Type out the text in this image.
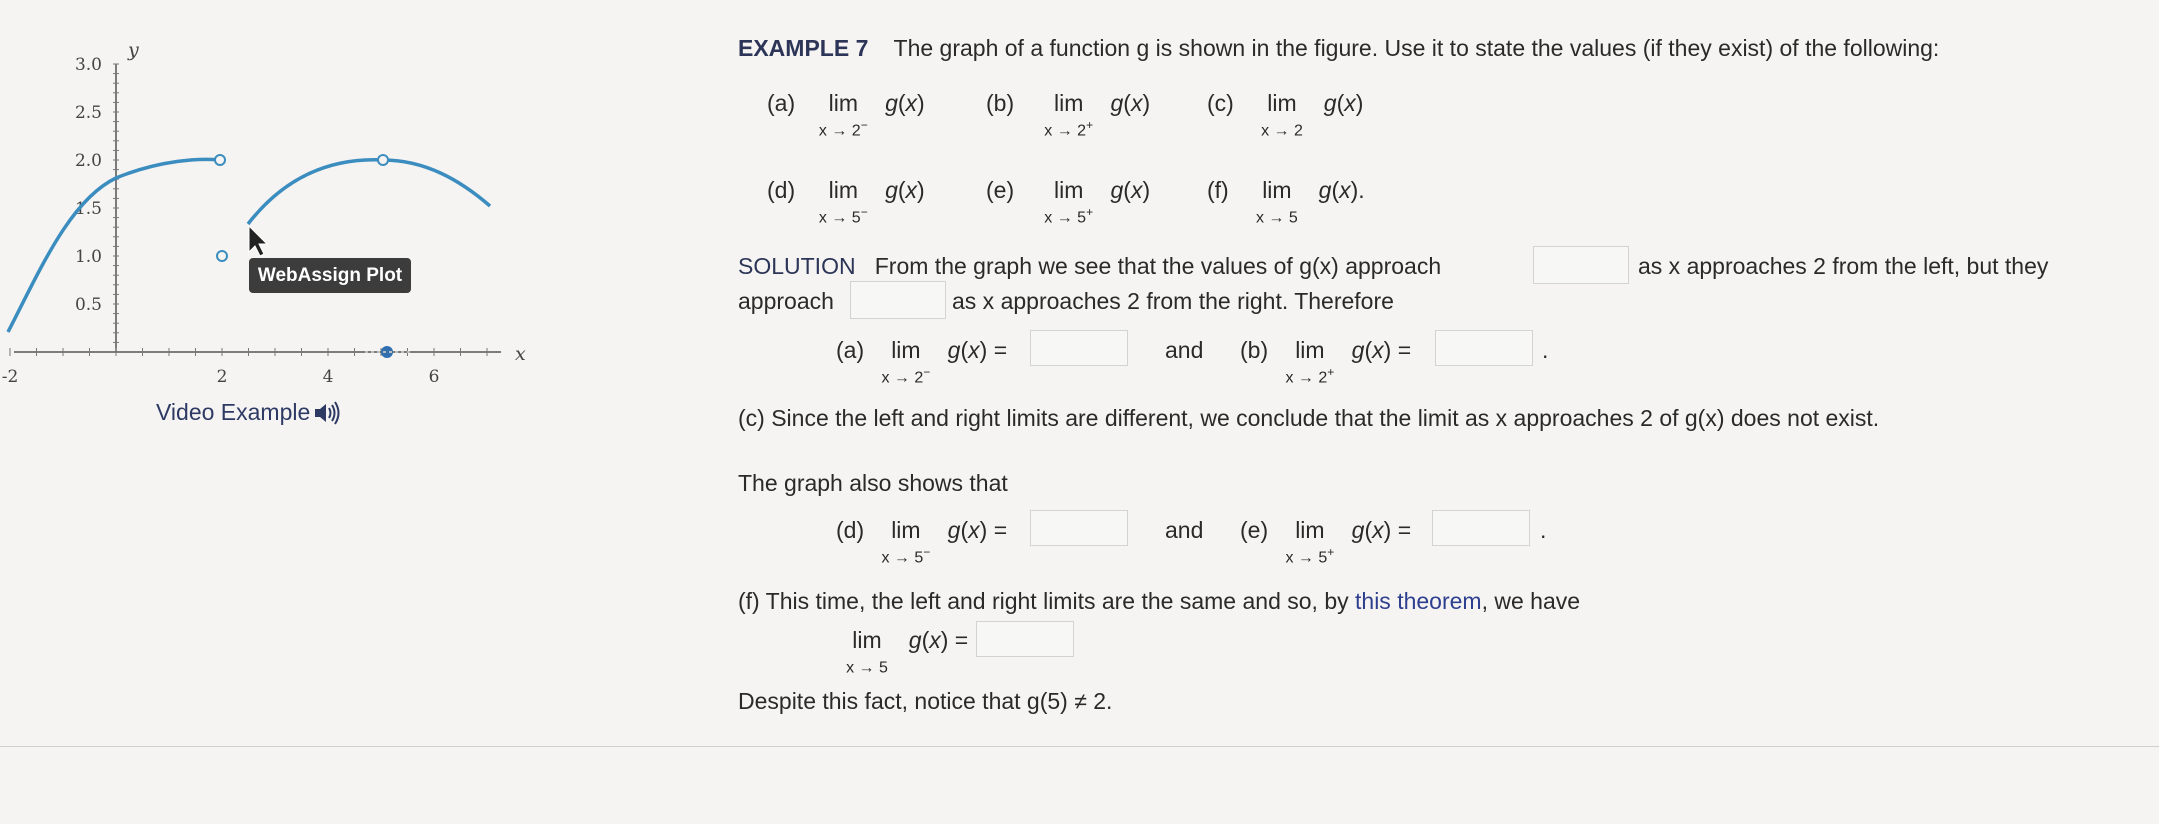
-2	2	4	6
0.5
1.0
1.5
2.0
2.5
3.0
x
y
WebAssign Plot
Video Example
EXAMPLE 7 The graph of a function g is shown in the figure. Use it to state the values (if they exist) of the following:
(a)	lim
x → 2−
g(x)	(b)	lim
x → 2+
g(x) (c)	lim
x → 2
g(x)
(d)	lim
x → 5−
g(x)	(e)	lim
x → 5+
g(x) (f)	lim
x → 5
g(x).
SOLUTION From the graph we see that the values of g(x) approach	as x approaches 2 from the left, but they
approach	as x approaches 2 from the right. Therefore
(a) lim
x → 2−
g(x) =	and (b) lim
x → 2+
g(x) =	.
(c) Since the left and right limits are different, we conclude that the limit as x approaches 2 of g(x) does not exist.
The graph also shows that
(d) lim
x → 5−
g(x) =	and (e) lim
x → 5+
g(x) =	.
(f) This time, the left and right limits are the same and so, by this theorem, we have
lim
x → 5
g(x) =
Despite this fact, notice that g(5) ≠ 2.
